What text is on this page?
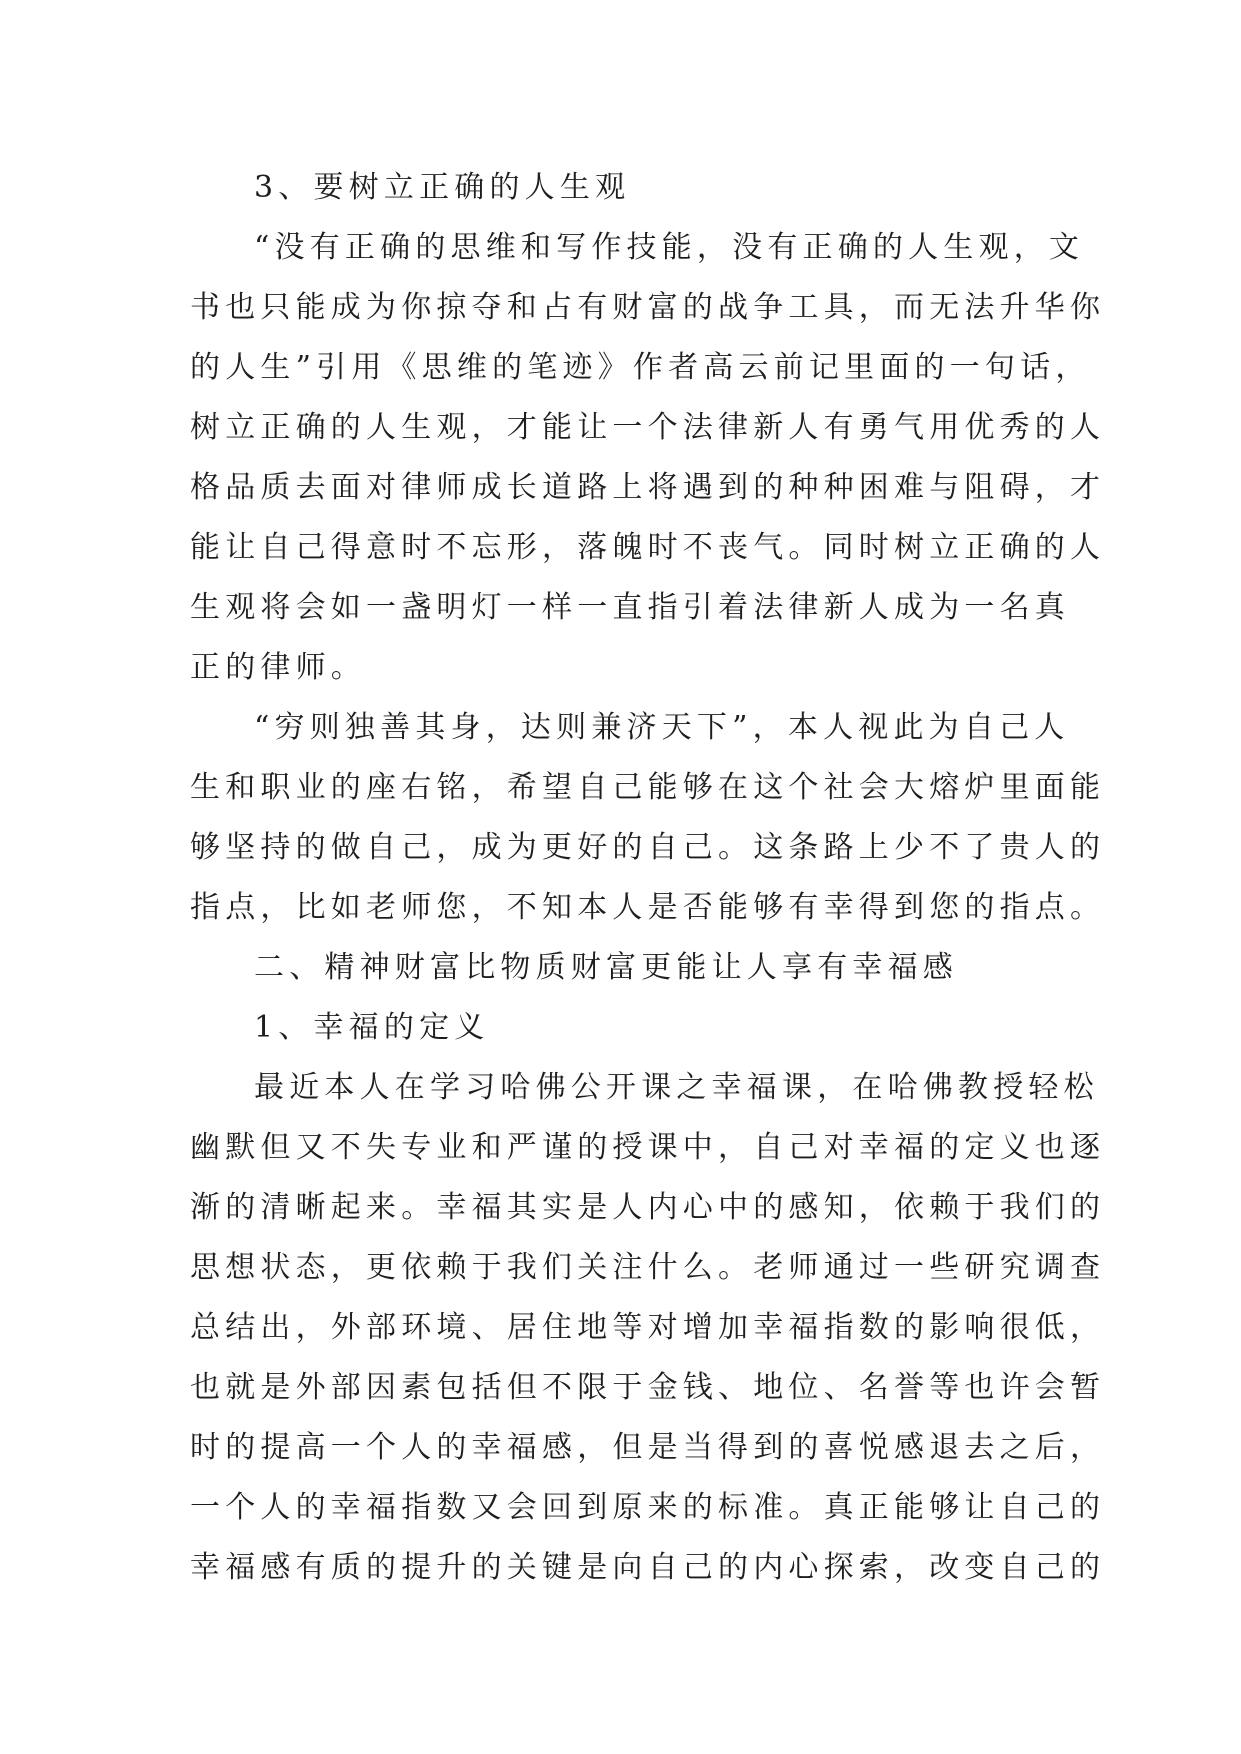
3、要树立正确的人生观
“没有正确的思维和写作技能，没有正确的人生观，文
书也只能成为你掠夺和占有财富的战争工具，而无法升华你
的人生”引用《思维的笔迹》作者高云前记里面的一句话，
树立正确的人生观，才能让一个法律新人有勇气用优秀的人
格品质去面对律师成长道路上将遇到的种种困难与阻碍，才
能让自己得意时不忘形，落魄时不丧气。同时树立正确的人
生观将会如一盏明灯一样一直指引着法律新人成为一名真
正的律师。
“穷则独善其身，达则兼济天下”，本人视此为自己人
生和职业的座右铭，希望自己能够在这个社会大熔炉里面能
够坚持的做自己，成为更好的自己。这条路上少不了贵人的
指点，比如老师您，不知本人是否能够有幸得到您的指点。
二、精神财富比物质财富更能让人享有幸福感
1、幸福的定义
最近本人在学习哈佛公开课之幸福课，在哈佛教授轻松
幽默但又不失专业和严谨的授课中，自己对幸福的定义也逐
渐的清晰起来。幸福其实是人内心中的感知，依赖于我们的
思想状态，更依赖于我们关注什么。老师通过一些研究调查
总结出，外部环境、居住地等对增加幸福指数的影响很低，
也就是外部因素包括但不限于金钱、地位、名誉等也许会暂
时的提高一个人的幸福感，但是当得到的喜悦感退去之后，
一个人的幸福指数又会回到原来的标准。真正能够让自己的
幸福感有质的提升的关键是向自己的内心探索，改变自己的
